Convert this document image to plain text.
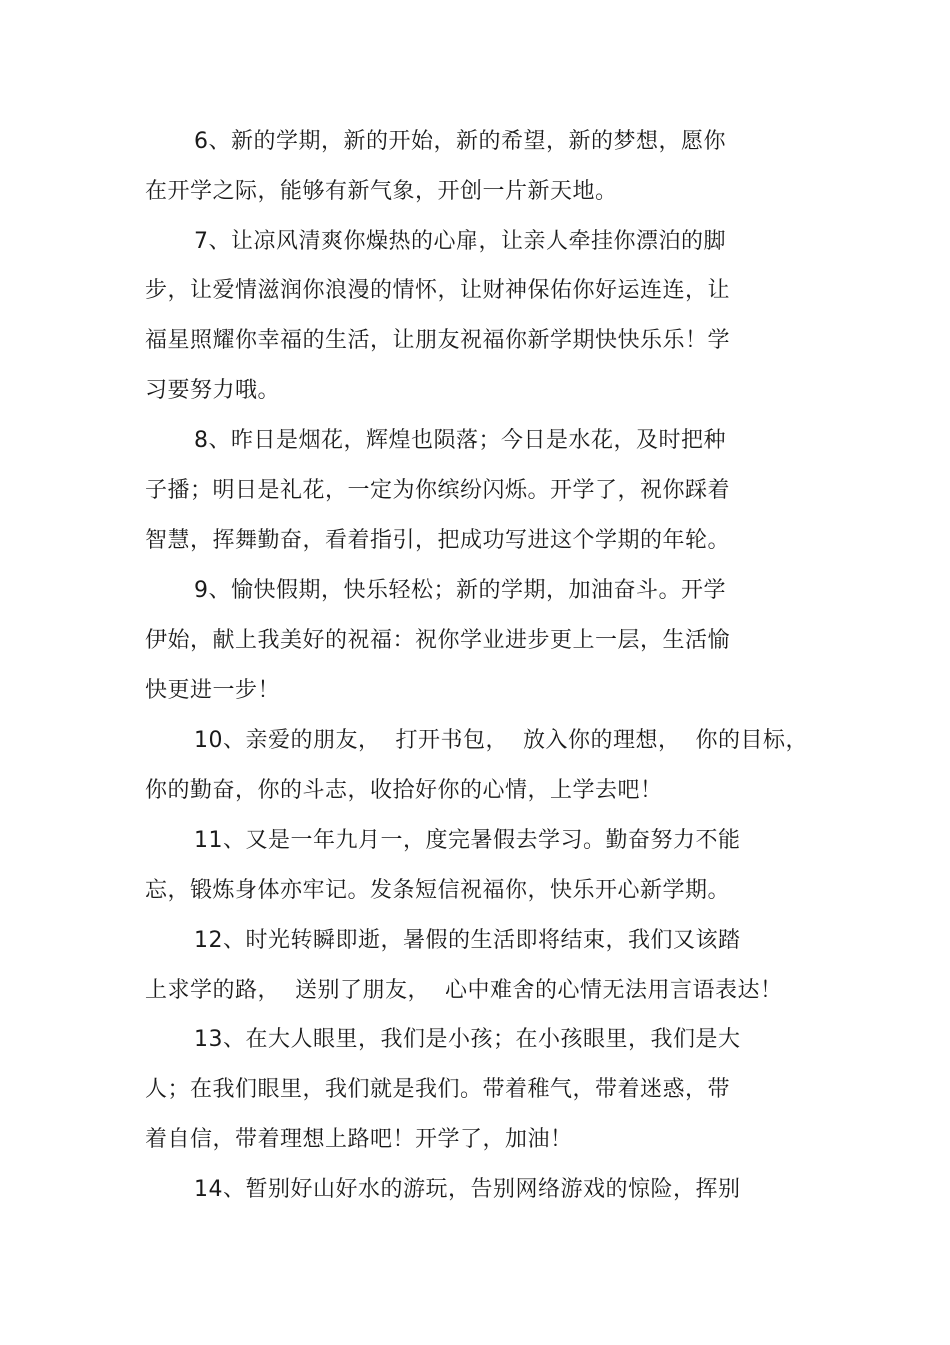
6、新的学期，新的开始，新的希望，新的梦想，愿你
在开学之际，能够有新气象，开创一片新天地。
7、让凉风清爽你燥热的心扉，让亲人牵挂你漂泊的脚
步，让爱情滋润你浪漫的情怀，让财神保佑你好运连连，让
福星照耀你幸福的生活，让朋友祝福你新学期快快乐乐！学
习要努力哦。
8、昨日是烟花，辉煌也陨落；今日是水花，及时把种
子播；明日是礼花，一定为你缤纷闪烁。开学了，祝你踩着
智慧，挥舞勤奋，看着指引，把成功写进这个学期的年轮。
9、愉快假期，快乐轻松；新的学期，加油奋斗。开学
伊始，献上我美好的祝福：祝你学业进步更上一层，生活愉
快更进一步！
10、亲爱的朋友，  打开书包，  放入你的理想，  你的目标，
你的勤奋，你的斗志，收拾好你的心情，上学去吧！
11、又是一年九月一，度完暑假去学习。勤奋努力不能
忘，锻炼身体亦牢记。发条短信祝福你，快乐开心新学期。
12、时光转瞬即逝，暑假的生活即将结束，我们又该踏
上求学的路，  送别了朋友，  心中难舍的心情无法用言语表达！
13、在大人眼里，我们是小孩；在小孩眼里，我们是大
人；在我们眼里，我们就是我们。带着稚气，带着迷惑，带
着自信，带着理想上路吧！开学了，加油！
14、暂别好山好水的游玩，告别网络游戏的惊险，挥别
